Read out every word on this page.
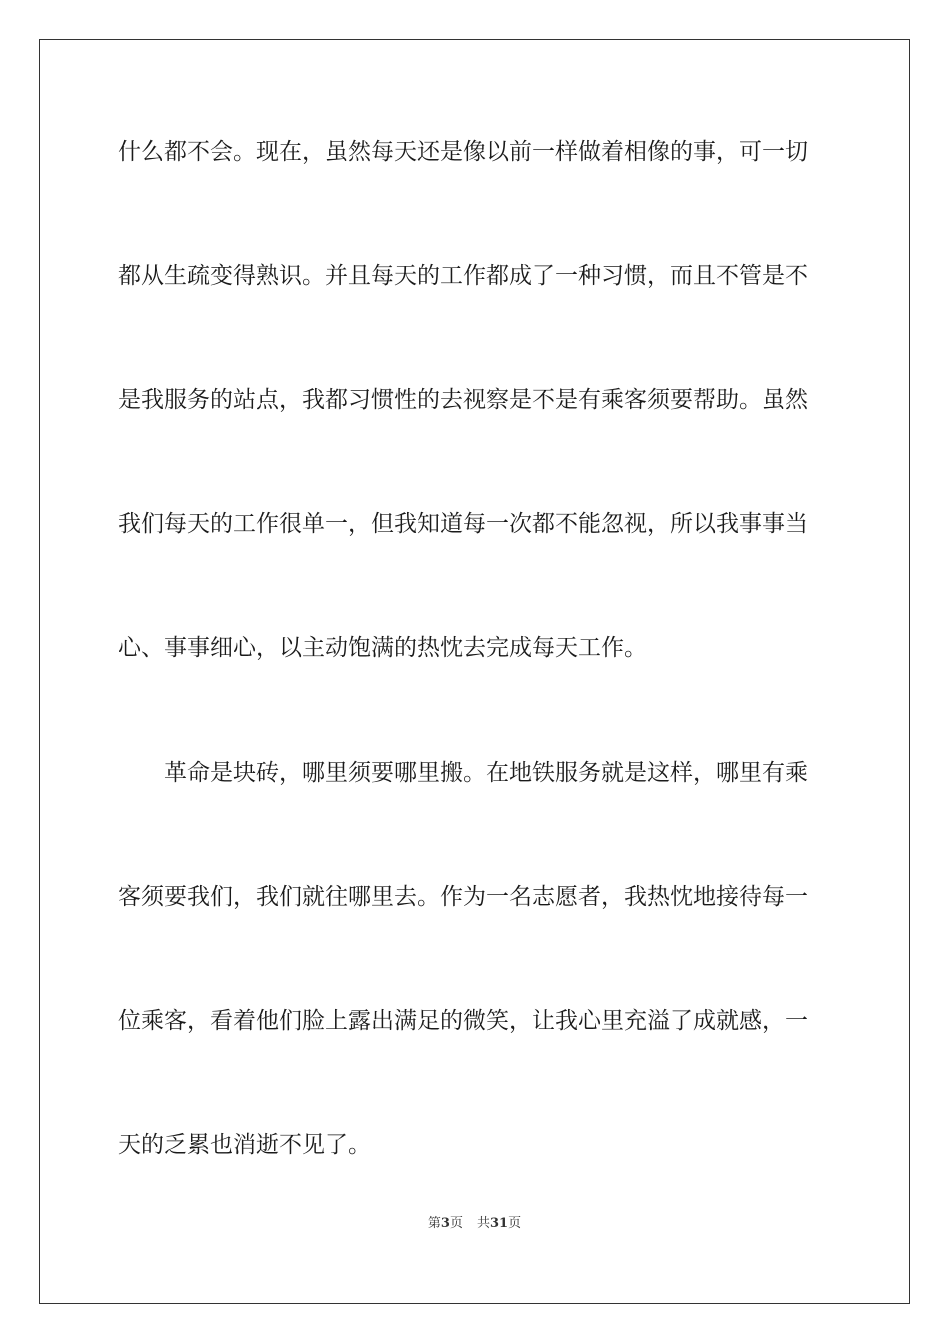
什么都不会。现在，虽然每天还是像以前一样做着相像的事，可一切
都从生疏变得熟识。并且每天的工作都成了一种习惯，而且不管是不
是我服务的站点，我都习惯性的去视察是不是有乘客须要帮助。虽然
我们每天的工作很单一，但我知道每一次都不能忽视，所以我事事当
心、事事细心，以主动饱满的热忱去完成每天工作。
革命是块砖，哪里须要哪里搬。在地铁服务就是这样，哪里有乘
客须要我们，我们就往哪里去。作为一名志愿者，我热忱地接待每一
位乘客，看着他们脸上露出满足的微笑，让我心里充溢了成就感，一
天的乏累也消逝不见了。
第3页 共31页
